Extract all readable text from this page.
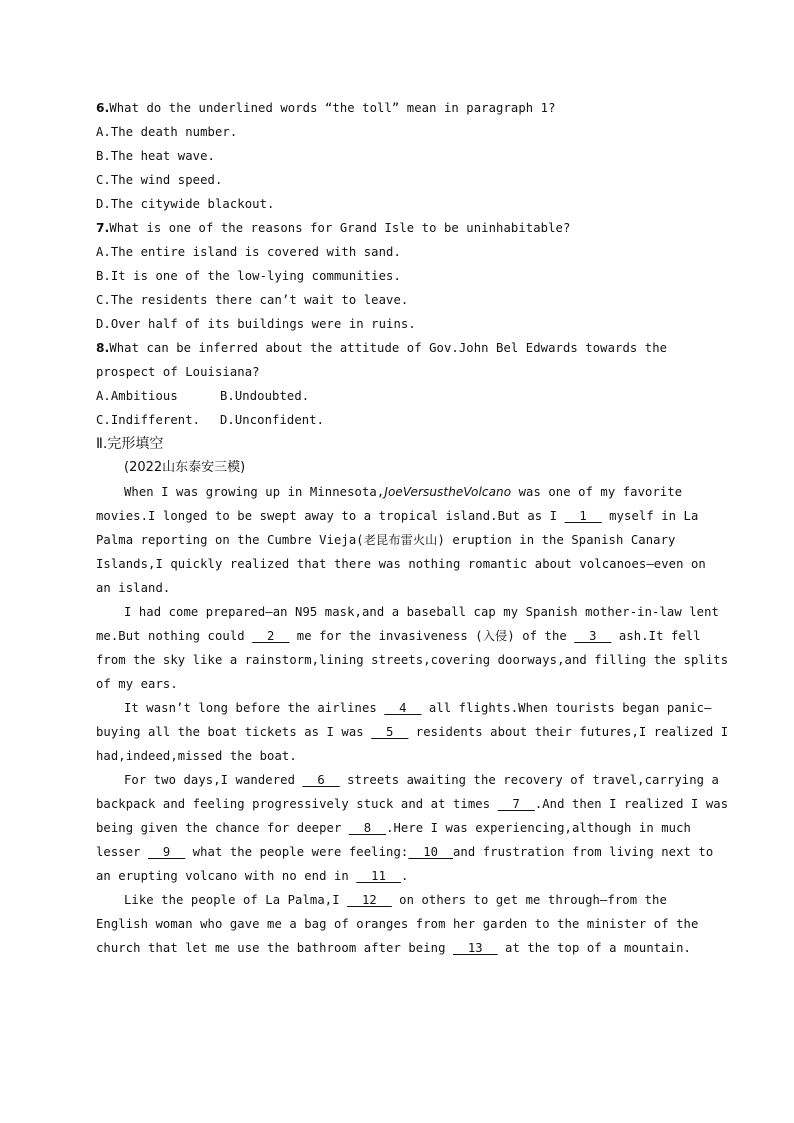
6.What do the underlined words “the toll” mean in paragraph 1?
A.The death number.
B.The heat wave.
C.The wind speed.
D.The citywide blackout.
7.What is one of the reasons for Grand Isle to be uninhabitable?
A.The entire island is covered with sand.
B.It is one of the low-lying communities.
C.The residents there can’t wait to leave.
D.Over half of its buildings were in ruins.
8.What can be inferred about the attitude of Gov.John Bel Edwards towards the
prospect of Louisiana?
A.Ambitious	B.Undoubted.
C.Indifferent. D.Unconfident.
Ⅱ.完形填空
(2022山东泰安三模)
When I was growing up in Minnesota,JoeVersustheVolcano was one of my favorite
movies.I longed to be swept away to a tropical island.But as I   1   myself in La
Palma reporting on the Cumbre Vieja(老昆布雷火山) eruption in the Spanish Canary
Islands,I quickly realized that there was nothing romantic about volcanoes—even on
an island.
I had come prepared—an N95 mask,and a baseball cap my Spanish mother-in-law lent
me.But nothing could   2   me for the invasiveness (入侵) of the   3   ash.It fell
from the sky like a rainstorm,lining streets,covering doorways,and filling the splits
of my ears.
It wasn’t long before the airlines   4   all flights.When tourists began panic—
buying all the boat tickets as I was   5   residents about their futures,I realized I
had,indeed,missed the boat.
For two days,I wandered   6   streets awaiting the recovery of travel,carrying a
backpack and feeling progressively stuck and at times   7  .And then I realized I was
being given the chance for deeper   8  .Here I was experiencing,although in much
lesser   9   what the people were feeling:  10  and frustration from living next to
an erupting volcano with no end in   11  .
Like the people of La Palma,I   12   on others to get me through—from the
English woman who gave me a bag of oranges from her garden to the minister of the
church that let me use the bathroom after being   13   at the top of a mountain.
